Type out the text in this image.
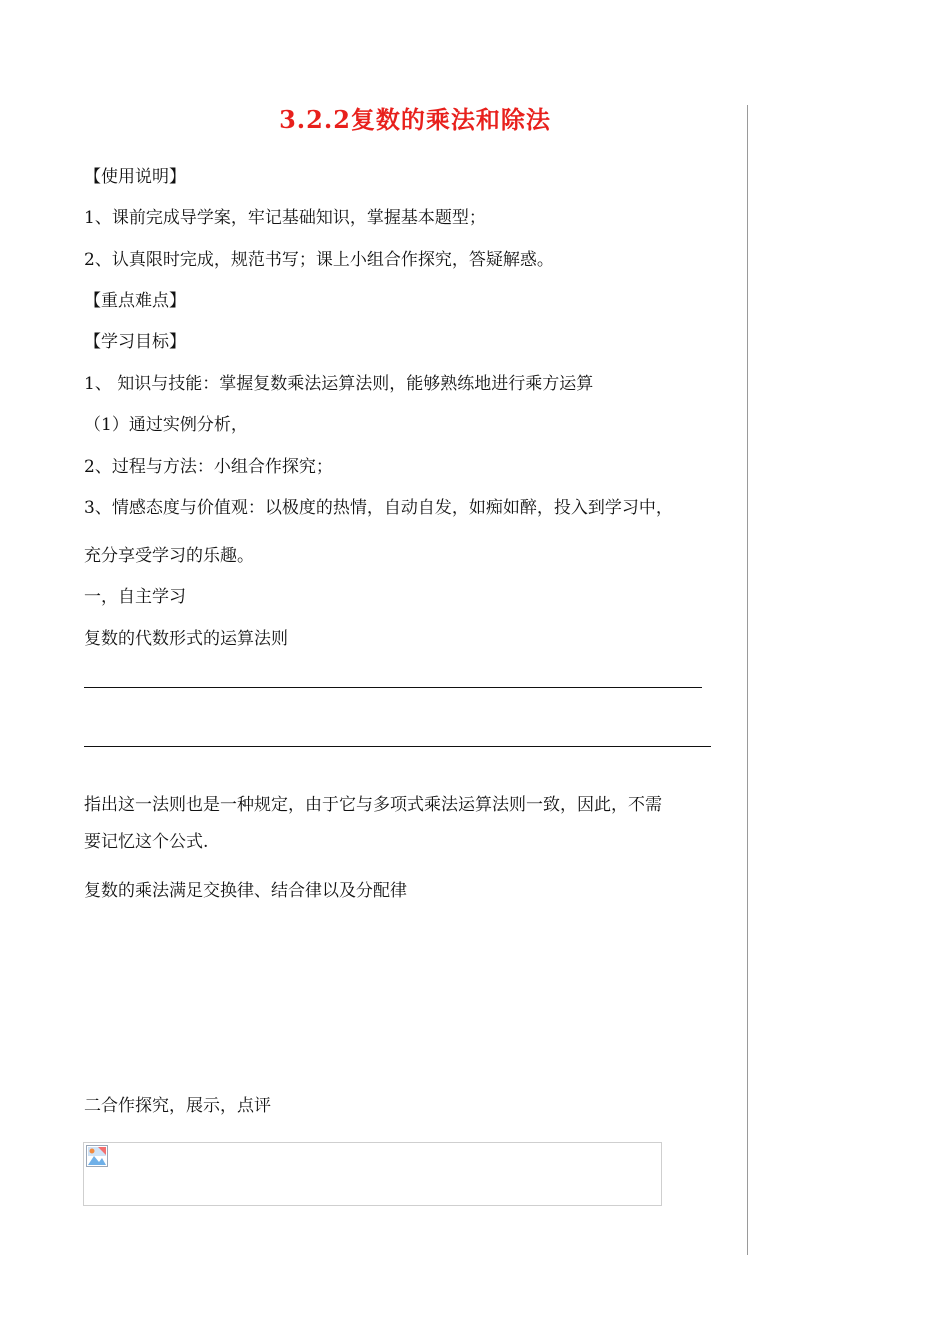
3.2.2复数的乘法和除法
【使用说明】
1、课前完成导学案，牢记基础知识，掌握基本题型；
2、认真限时完成，规范书写；课上小组合作探究，答疑解惑。
【重点难点】
【学习目标】
1、 知识与技能：掌握复数乘法运算法则，能够熟练地进行乘方运算
（1）通过实例分析，
2、过程与方法：小组合作探究；
3、情感态度与价值观：以极度的热情，自动自发，如痴如醉，投入到学习中，
充分享受学习的乐趣。
一，自主学习
复数的代数形式的运算法则
指出这一法则也是一种规定，由于它与多项式乘法运算法则一致，因此，不需
要记忆这个公式.
复数的乘法满足交换律、结合律以及分配律
二合作探究，展示，点评
